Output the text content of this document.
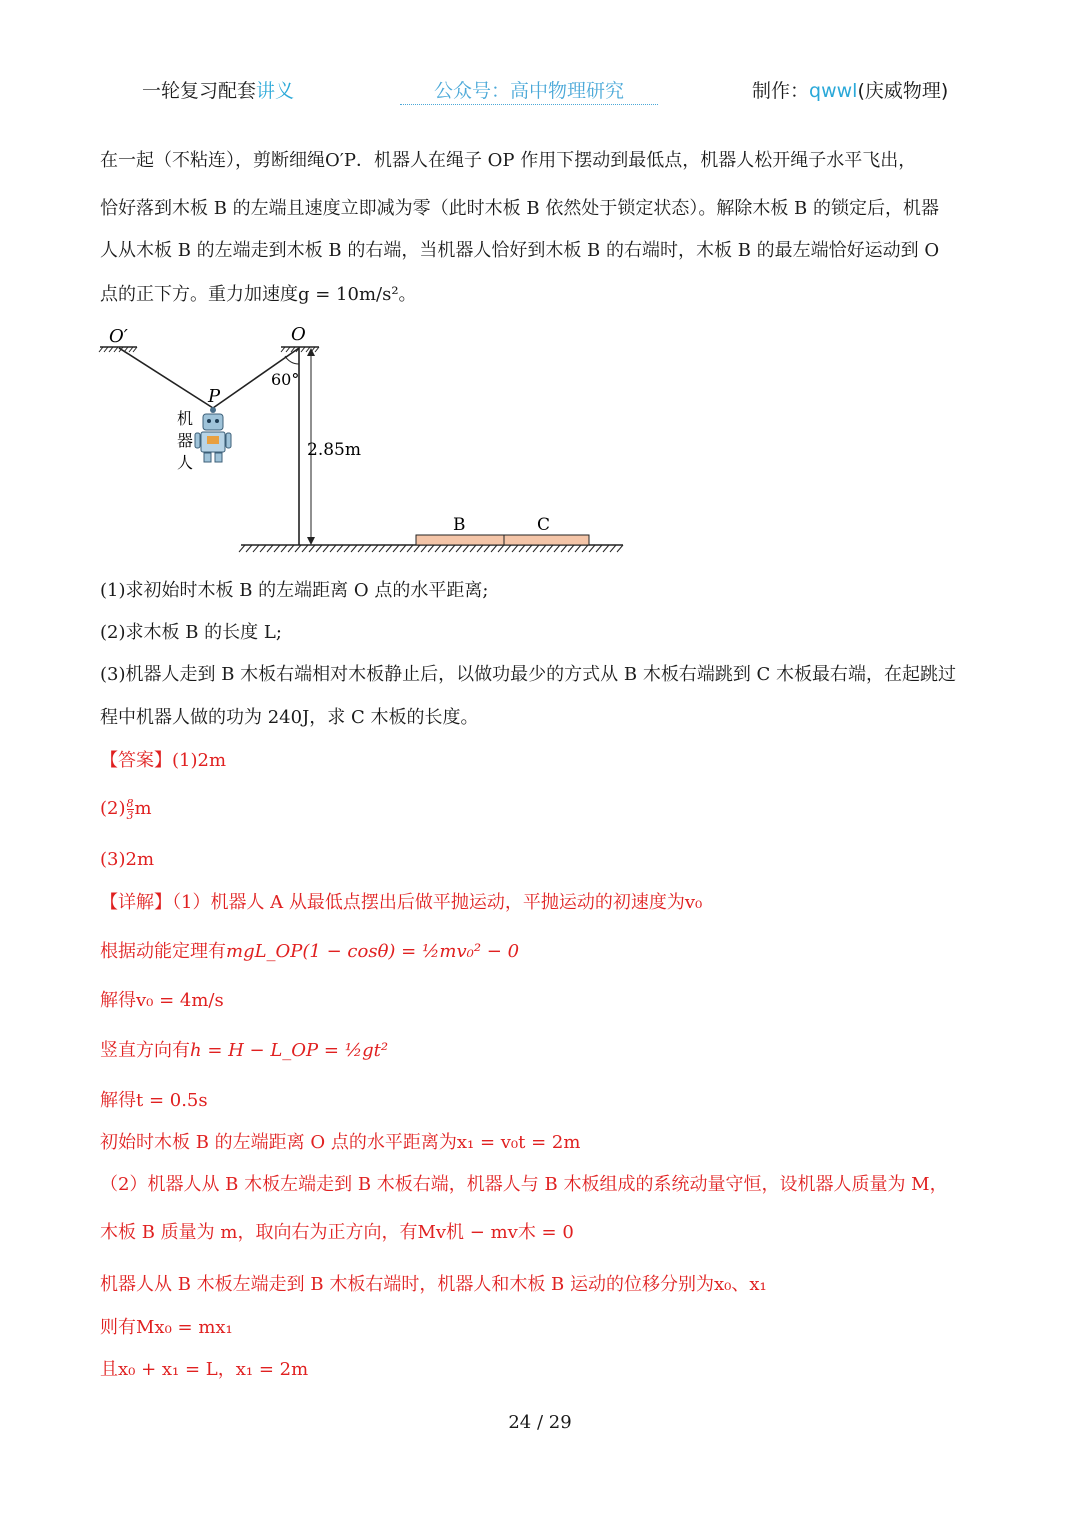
一轮复习配套讲义	公众号：高中物理研究	制作：qwwl(庆威物理)
在一起（不粘连），剪断细绳O′P．机器人在绳子 OP 作用下摆动到最低点，机器人松开绳子水平飞出，
恰好落到木板 B 的左端且速度立即减为零（此时木板 B 依然处于锁定状态）。解除木板 B 的锁定后，机器
人从木板 B 的左端走到木板 B 的右端，当机器人恰好到木板 B 的右端时，木板 B 的最左端恰好运动到 O
点的正下方。重力加速度g = 10m/s²。
O′	O
P
60°
2.85m
机
器
人
B	C
(1)求初始时木板 B 的左端距离 O 点的水平距离;
(2)求木板 B 的长度 L;
(3)机器人走到 B 木板右端相对木板静止后，以做功最少的方式从 B 木板右端跳到 C 木板最右端，在起跳过
程中机器人做的功为 240J，求 C 木板的长度。
【答案】(1)2m
$(2) \frac{8}{3}$ m
(3)2m
【详解】（1）机器人 A 从最低点摆出后做平抛运动，平抛运动的初速度为v₀
根据动能定理有mgL_OP(1 − cosθ) = ½mv₀² − 0
解得v₀ = 4m/s
竖直方向有h = H − L_OP = ½gt²
解得t = 0.5s
初始时木板 B 的左端距离 O 点的水平距离为x₁ = v₀t = 2m
（2）机器人从 B 木板左端走到 B 木板右端，机器人与 B 木板组成的系统动量守恒，设机器人质量为 M，
木板 B 质量为 m，取向右为正方向，有Mv机 − mv木 = 0
机器人从 B 木板左端走到 B 木板右端时，机器人和木板 B 运动的位移分别为x₀、x₁
则有Mx₀ = mx₁
且x₀ + x₁ = L，x₁ = 2m
24 / 29
